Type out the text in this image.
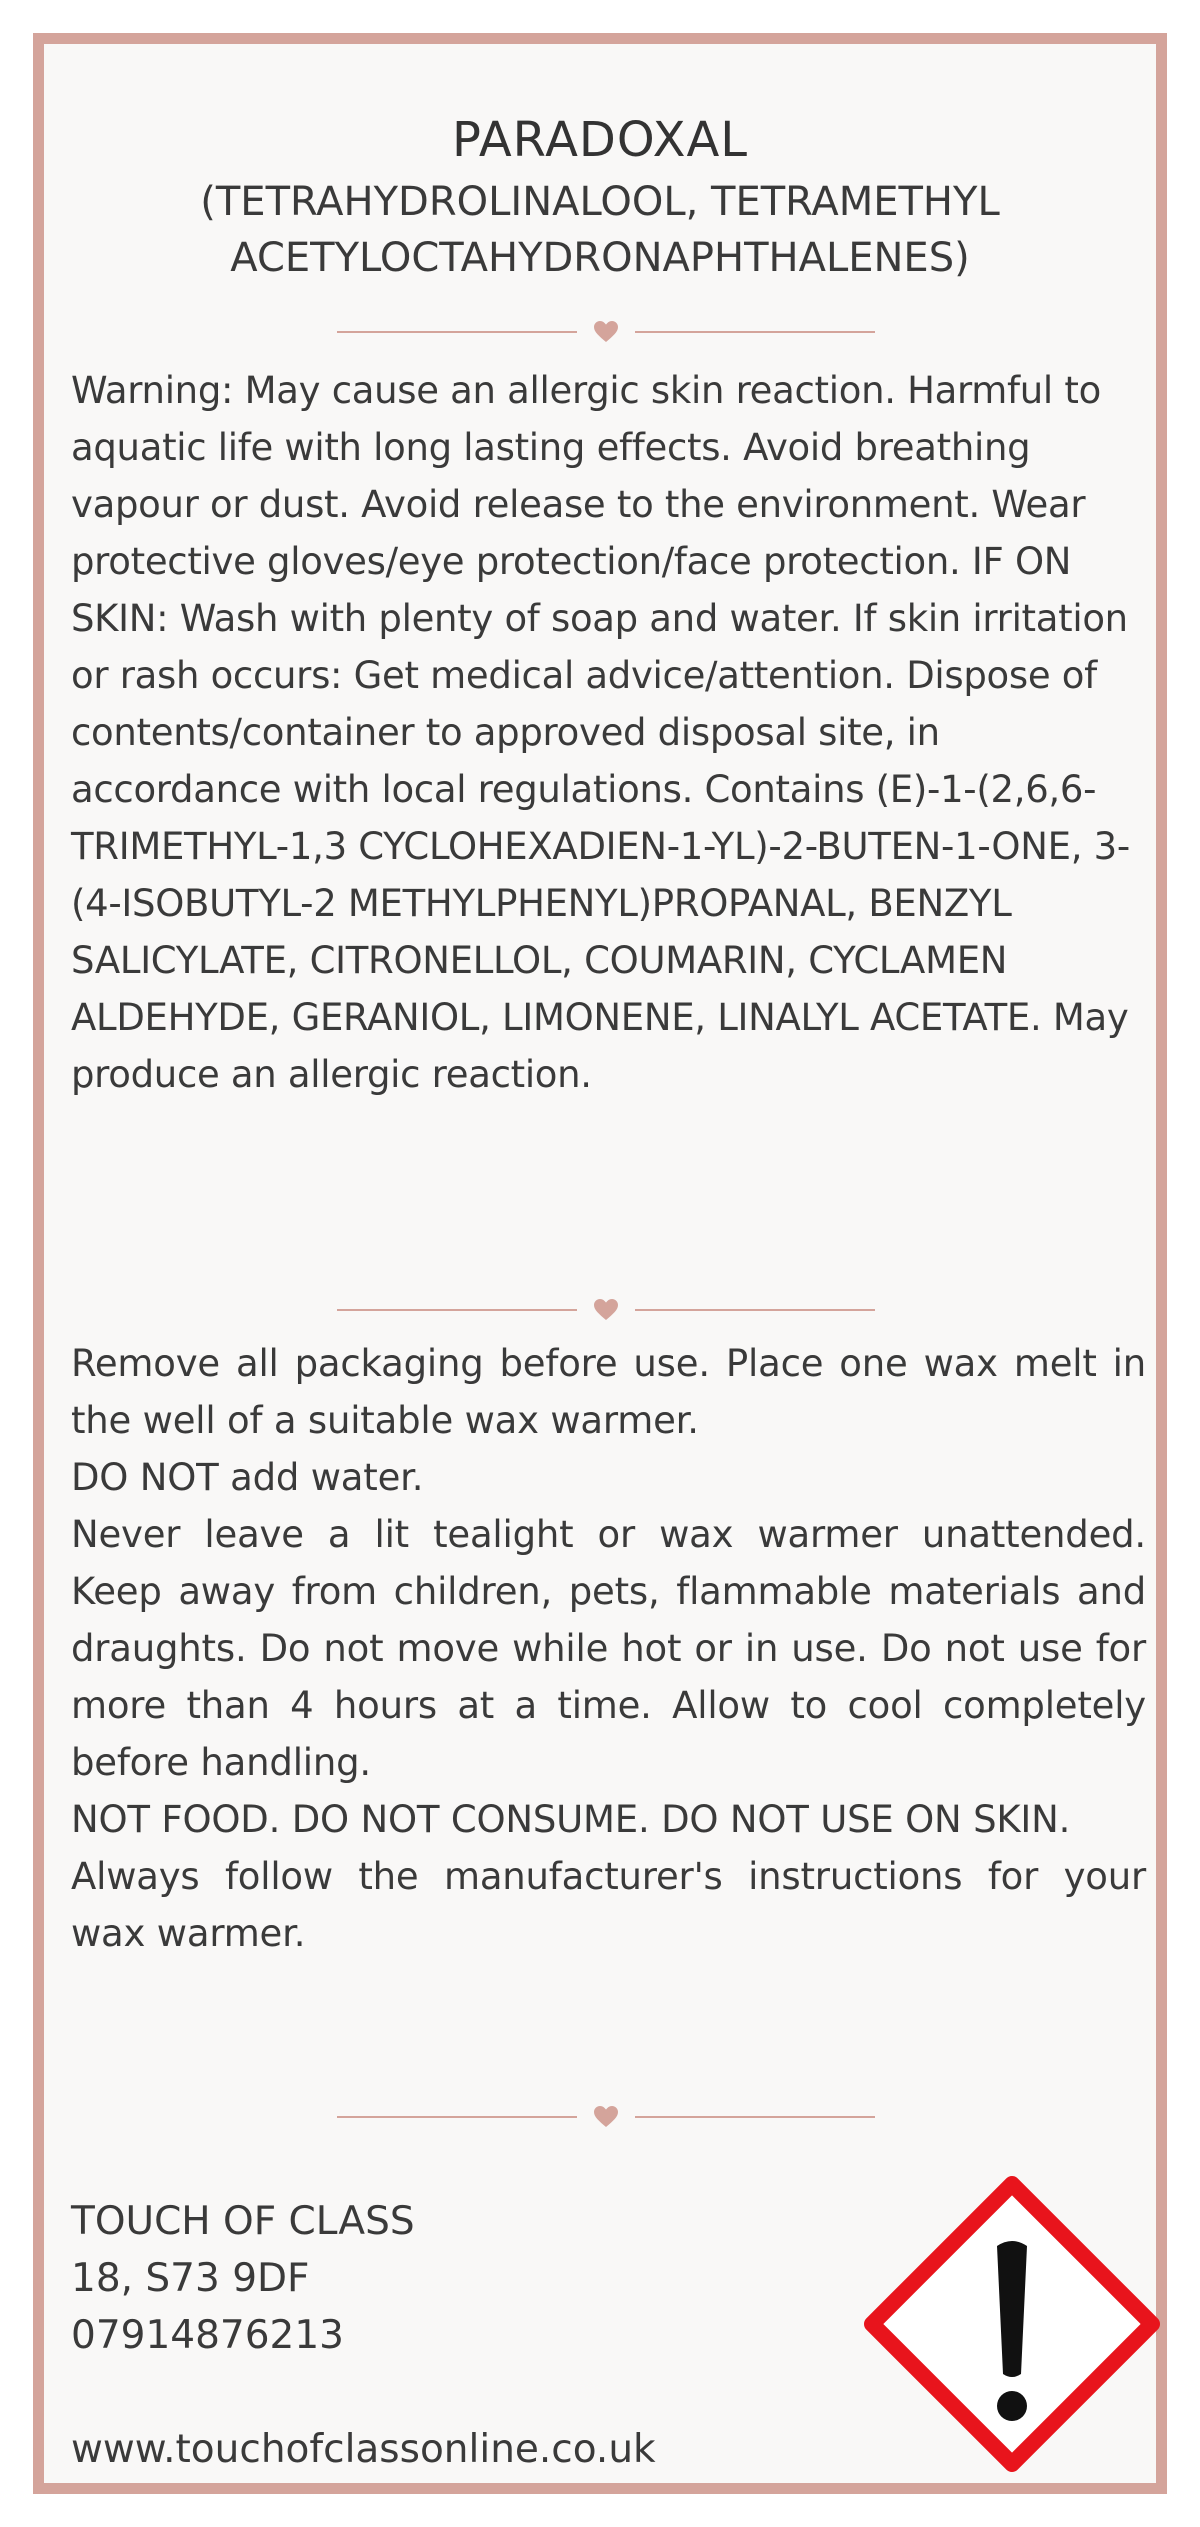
PARADOXAL
(TETRAHYDROLINALOOL, TETRAMETHYL ACETYLOCTAHYDRONAPHTHALENES)
Warning: May cause an allergic skin reaction. Harmful to aquatic life with long lasting effects. Avoid breathing vapour or dust. Avoid release to the environment. Wear protective gloves/eye protection/face protection. IF ON SKIN: Wash with plenty of soap and water. If skin irritation or rash occurs: Get medical advice/attention. Dispose of contents/container to approved disposal site, in accordance with local regulations. Contains (E)-1-(2,6,6-TRIMETHYL-1,3 CYCLOHEXADIEN-1-YL)-2-BUTEN-1-ONE, 3-(4-ISOBUTYL-2 METHYLPHENYL)PROPANAL, BENZYL SALICYLATE, CITRONELLOL, COUMARIN, CYCLAMEN ALDEHYDE, GERANIOL, LIMONENE, LINALYL ACETATE. May produce an allergic reaction.
Remove all packaging before use. Place one wax melt in the well of a suitable wax warmer.
DO NOT add water.
Never leave a lit tealight or wax warmer unattended. Keep away from children, pets, flammable materials and draughts. Do not move while hot or in use. Do not use for more than 4 hours at a time. Allow to cool completely before handling.
NOT FOOD. DO NOT CONSUME. DO NOT USE ON SKIN.
Always follow the manufacturer's instructions for your wax warmer.
TOUCH OF CLASS
18, S73 9DF
07914876213
www.touchofclassonline.co.uk
